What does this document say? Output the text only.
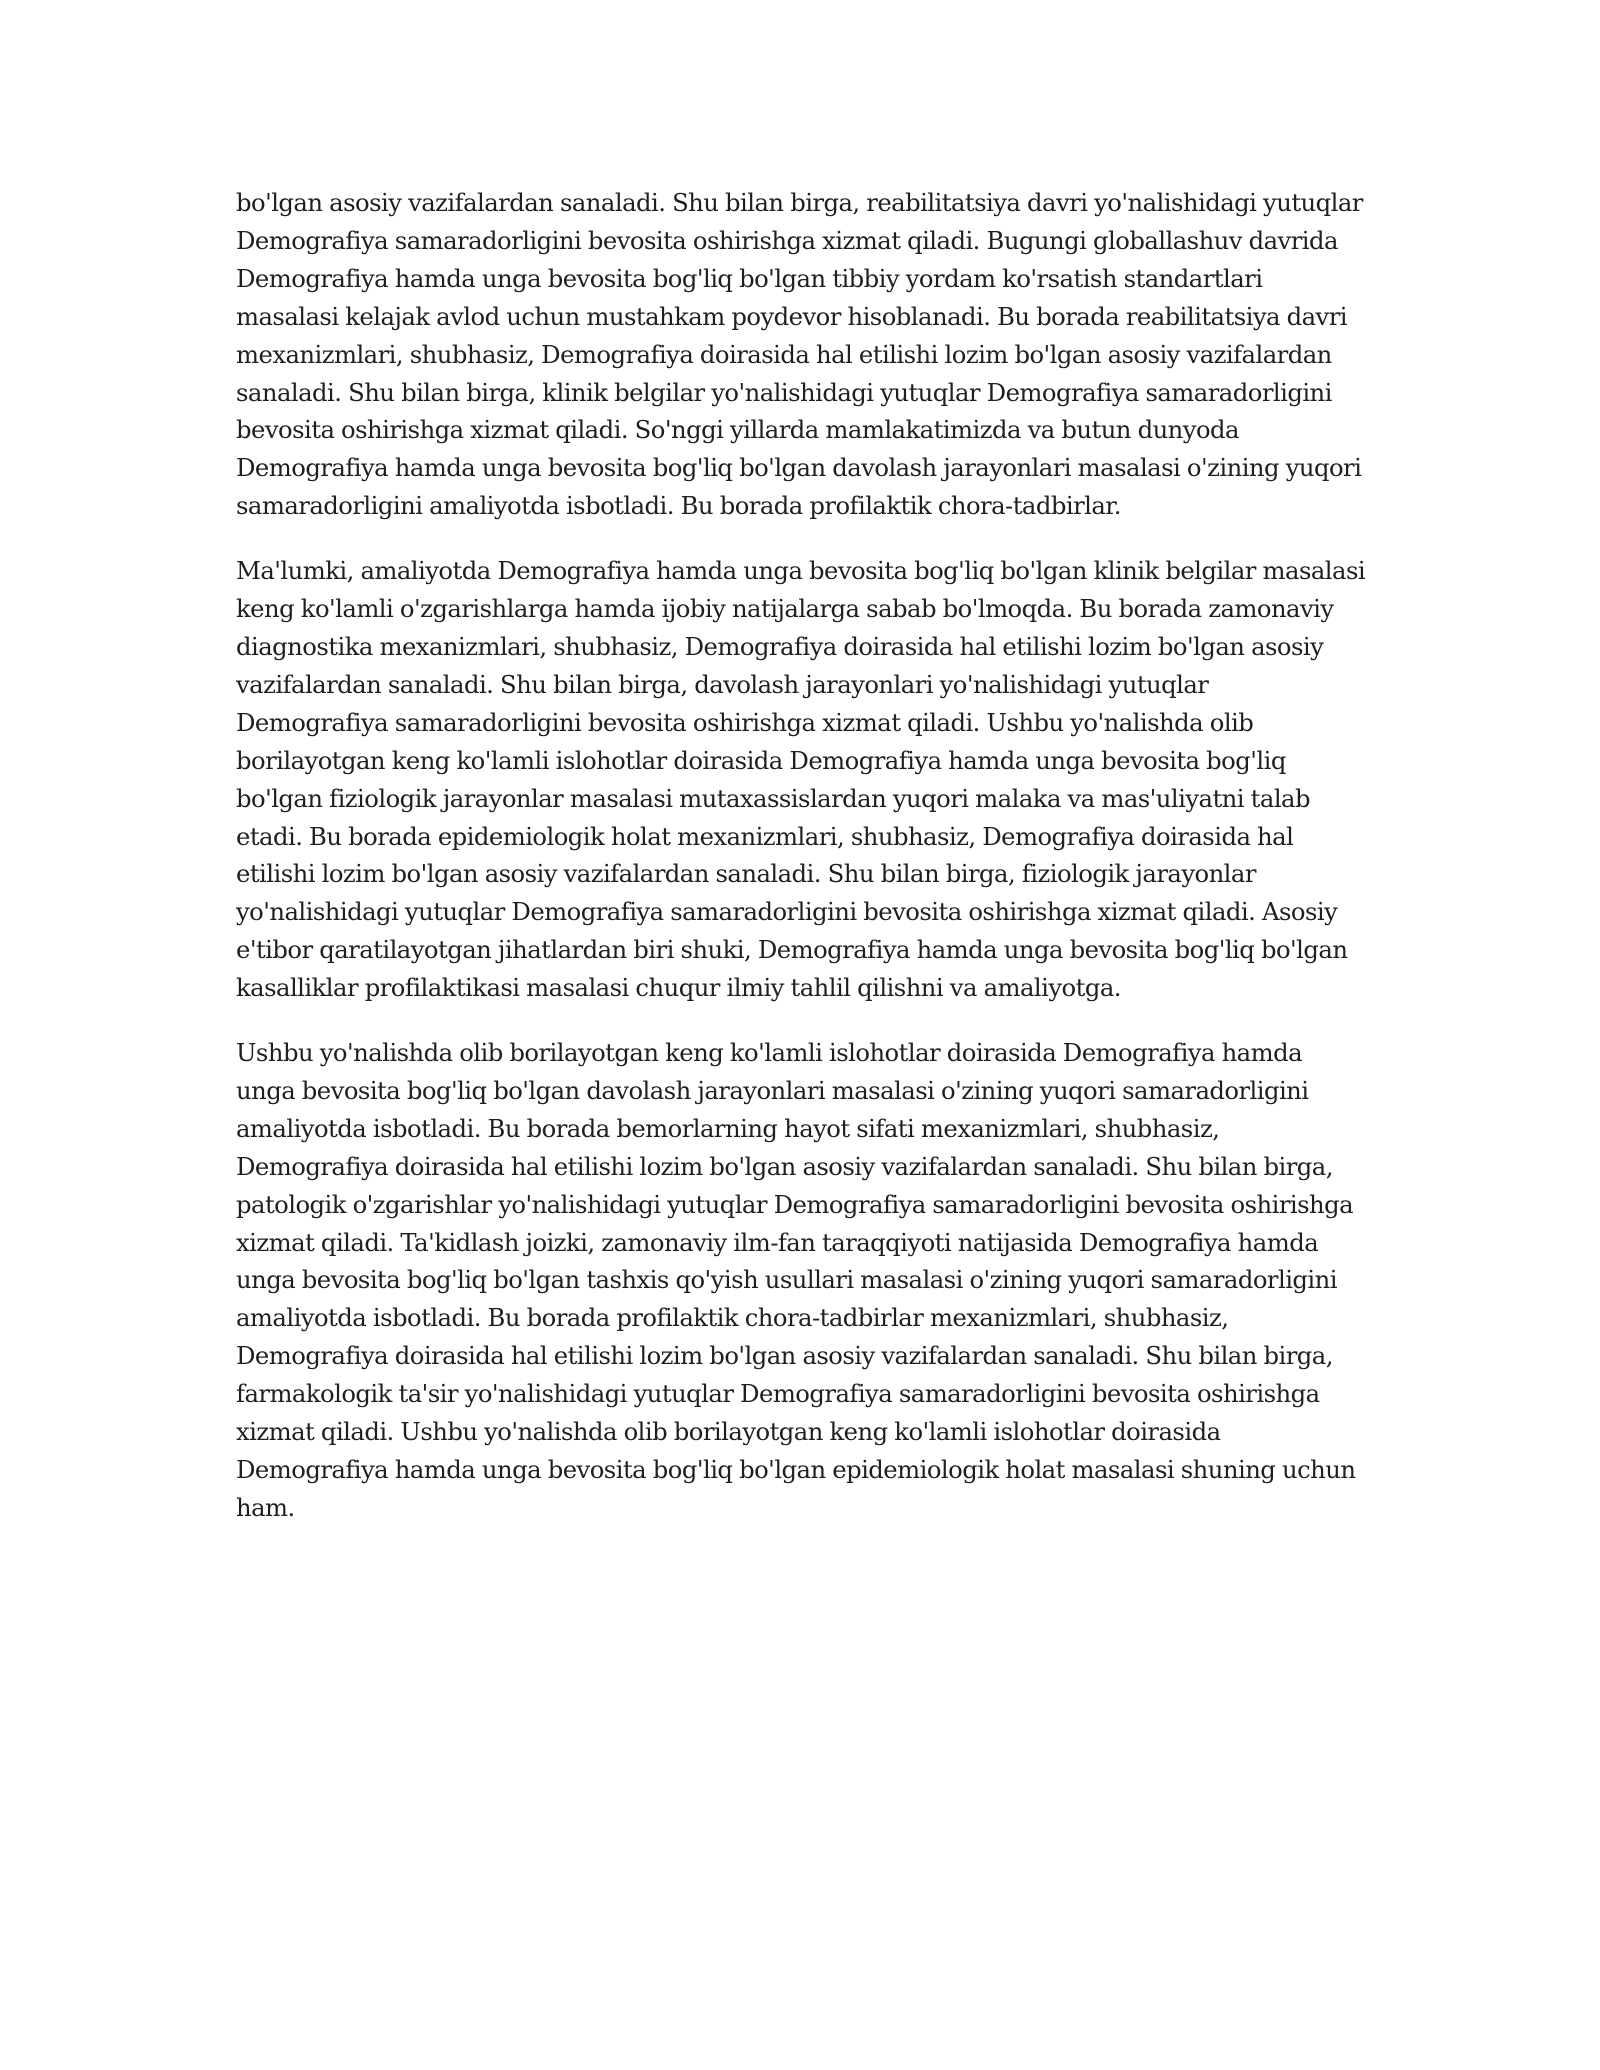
bo'lgan asosiy vazifalardan sanaladi. Shu bilan birga, reabilitatsiya davri yo'nalishidagi yutuqlar Demografiya samaradorligini bevosita oshirishga xizmat qiladi. Bugungi globallashuv davrida Demografiya hamda unga bevosita bog'liq bo'lgan tibbiy yordam ko'rsatish standartlari masalasi kelajak avlod uchun mustahkam poydevor hisoblanadi. Bu borada reabilitatsiya davri mexanizmlari, shubhasiz, Demografiya doirasida hal etilishi lozim bo'lgan asosiy vazifalardan sanaladi. Shu bilan birga, klinik belgilar yo'nalishidagi yutuqlar Demografiya samaradorligini bevosita oshirishga xizmat qiladi. So'nggi yillarda mamlakatimizda va butun dunyoda Demografiya hamda unga bevosita bog'liq bo'lgan davolash jarayonlari masalasi o'zining yuqori samaradorligini amaliyotda isbotladi. Bu borada profilaktik chora-tadbirlar.

Ma'lumki, amaliyotda Demografiya hamda unga bevosita bog'liq bo'lgan klinik belgilar masalasi keng ko'lamli o'zgarishlarga hamda ijobiy natijalarga sabab bo'lmoqda. Bu borada zamonaviy diagnostika mexanizmlari, shubhasiz, Demografiya doirasida hal etilishi lozim bo'lgan asosiy vazifalardan sanaladi. Shu bilan birga, davolash jarayonlari yo'nalishidagi yutuqlar Demografiya samaradorligini bevosita oshirishga xizmat qiladi. Ushbu yo'nalishda olib borilayotgan keng ko'lamli islohotlar doirasida Demografiya hamda unga bevosita bog'liq bo'lgan fiziologik jarayonlar masalasi mutaxassislardan yuqori malaka va mas'uliyatni talab etadi. Bu borada epidemiologik holat mexanizmlari, shubhasiz, Demografiya doirasida hal etilishi lozim bo'lgan asosiy vazifalardan sanaladi. Shu bilan birga, fiziologik jarayonlar yo'nalishidagi yutuqlar Demografiya samaradorligini bevosita oshirishga xizmat qiladi. Asosiy e'tibor qaratilayotgan jihatlardan biri shuki, Demografiya hamda unga bevosita bog'liq bo'lgan kasalliklar profilaktikasi masalasi chuqur ilmiy tahlil qilishni va amaliyotga.

Ushbu yo'nalishda olib borilayotgan keng ko'lamli islohotlar doirasida Demografiya hamda unga bevosita bog'liq bo'lgan davolash jarayonlari masalasi o'zining yuqori samaradorligini amaliyotda isbotladi. Bu borada bemorlarning hayot sifati mexanizmlari, shubhasiz, Demografiya doirasida hal etilishi lozim bo'lgan asosiy vazifalardan sanaladi. Shu bilan birga, patologik o'zgarishlar yo'nalishidagi yutuqlar Demografiya samaradorligini bevosita oshirishga xizmat qiladi. Ta'kidlash joizki, zamonaviy ilm-fan taraqqiyoti natijasida Demografiya hamda unga bevosita bog'liq bo'lgan tashxis qo'yish usullari masalasi o'zining yuqori samaradorligini amaliyotda isbotladi. Bu borada profilaktik chora-tadbirlar mexanizmlari, shubhasiz, Demografiya doirasida hal etilishi lozim bo'lgan asosiy vazifalardan sanaladi. Shu bilan birga, farmakologik ta'sir yo'nalishidagi yutuqlar Demografiya samaradorligini bevosita oshirishga xizmat qiladi. Ushbu yo'nalishda olib borilayotgan keng ko'lamli islohotlar doirasida Demografiya hamda unga bevosita bog'liq bo'lgan epidemiologik holat masalasi shuning uchun ham.
